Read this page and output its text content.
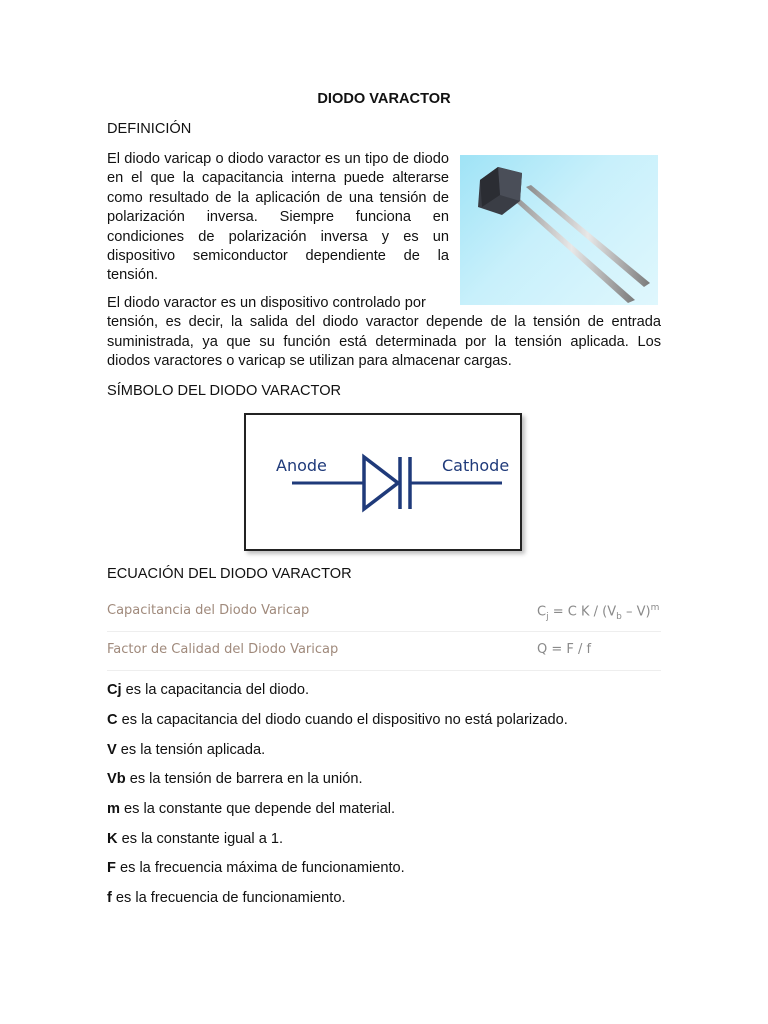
DIODO VARACTOR
DEFINICIÓN
El diodo varicap o diodo varactor es un tipo de diodo
en el que la capacitancia interna puede alterarse
como resultado de la aplicación de una tensión de
polarización inversa. Siempre funciona en
condiciones de polarización inversa y es un
dispositivo semiconductor dependiente de la
tensión.
El diodo varactor es un dispositivo controlado por
tensión, es decir, la salida del diodo varactor depende de la tensión de entrada
suministrada, ya que su función está determinada por la tensión aplicada. Los
diodos varactores o varicap se utilizan para almacenar cargas.
SÍMBOLO DEL DIODO VARACTOR
Anode	Cathode
ECUACIÓN DEL DIODO VARACTOR
Capacitancia del Diodo Varicap	$C_j = C$ K / $(V_b - V)^m$
Factor de Calidad del Diodo Varicap	Q = F / f
Cj es la capacitancia del diodo.
C es la capacitancia del diodo cuando el dispositivo no está polarizado.
V es la tensión aplicada.
Vb es la tensión de barrera en la unión.
m es la constante que depende del material.
K es la constante igual a 1.
F es la frecuencia máxima de funcionamiento.
f es la frecuencia de funcionamiento.
